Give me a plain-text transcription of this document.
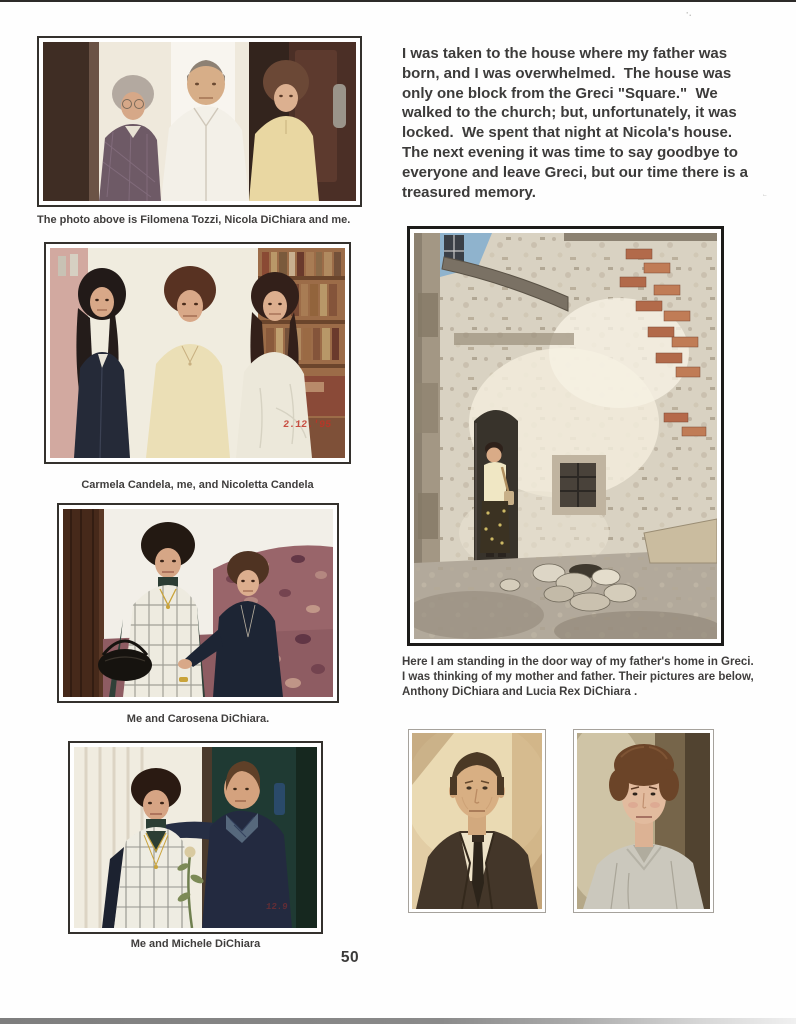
·.
˾
The photo above is Filomena Tozzi, Nicola DiChiara and me.
2.12.'95
Carmela Candela, me, and Nicoletta Candela
Me and Carosena DiChiara.
12.9
Me and Michele DiChiara
I was taken to the house where my father was
born, and I was overwhelmed.  The house was
only one block from the Greci "Square."  We
walked to the church; but, unfortunately, it was
locked.  We spent that night at Nicola's house.
The next evening it was time to say goodbye to
everyone and leave Greci, but our time there is a
treasured memory.
Here I am standing in the door way of my father's home in Greci.
I was thinking of my mother and father. Their pictures are below,
Anthony DiChiara and Lucia Rex DiChiara .
50
